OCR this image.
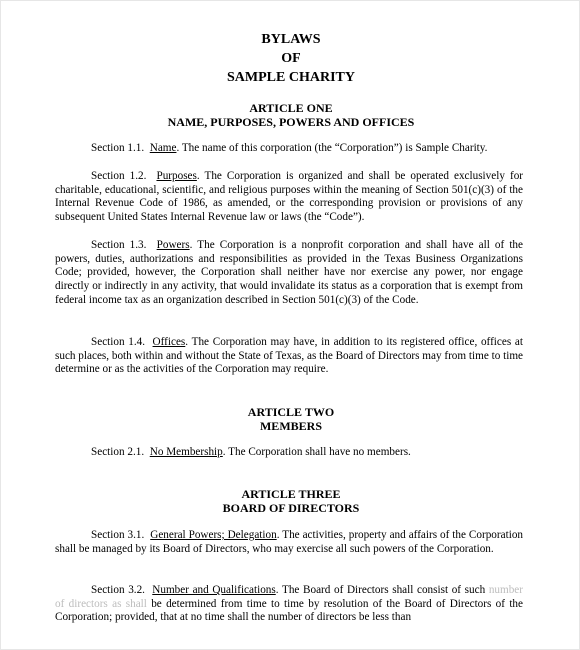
BYLAWS
OF
SAMPLE CHARITY
ARTICLE ONE
NAME, PURPOSES, POWERS AND OFFICES

Section 1.1. Name. The name of this corporation (the “Corporation”) is Sample Charity.

Section 1.2. Purposes. The Corporation is organized and shall be operated exclusively for charitable, educational, scientific, and religious purposes within the meaning of Section 501(c)(3) of the Internal Revenue Code of 1986, as amended, or the corresponding provision or provisions of any subsequent United States Internal Revenue law or laws (the “Code”).

Section 1.3. Powers. The Corporation is a nonprofit corporation and shall have all of the powers, duties, authorizations and responsibilities as provided in the Texas Business Organizations Code; provided, however, the Corporation shall neither have nor exercise any power, nor engage directly or indirectly in any activity, that would invalidate its status as a corporation that is exempt from federal income tax as an organization described in Section 501(c)(3) of the Code.

Section 1.4. Offices. The Corporation may have, in addition to its registered office, offices at such places, both within and without the State of Texas, as the Board of Directors may from time to time determine or as the activities of the Corporation may require.

ARTICLE TWO
MEMBERS

Section 2.1. No Membership. The Corporation shall have no members.

ARTICLE THREE
BOARD OF DIRECTORS

Section 3.1. General Powers; Delegation. The activities, property and affairs of the Corporation shall be managed by its Board of Directors, who may exercise all such powers of the Corporation.

Section 3.2. Number and Qualifications. The Board of Directors shall consist of such number of directors as shall be determined from time to time by resolution of the Board of Directors of the Corporation; provided, that at no time shall the number of directors be less than
